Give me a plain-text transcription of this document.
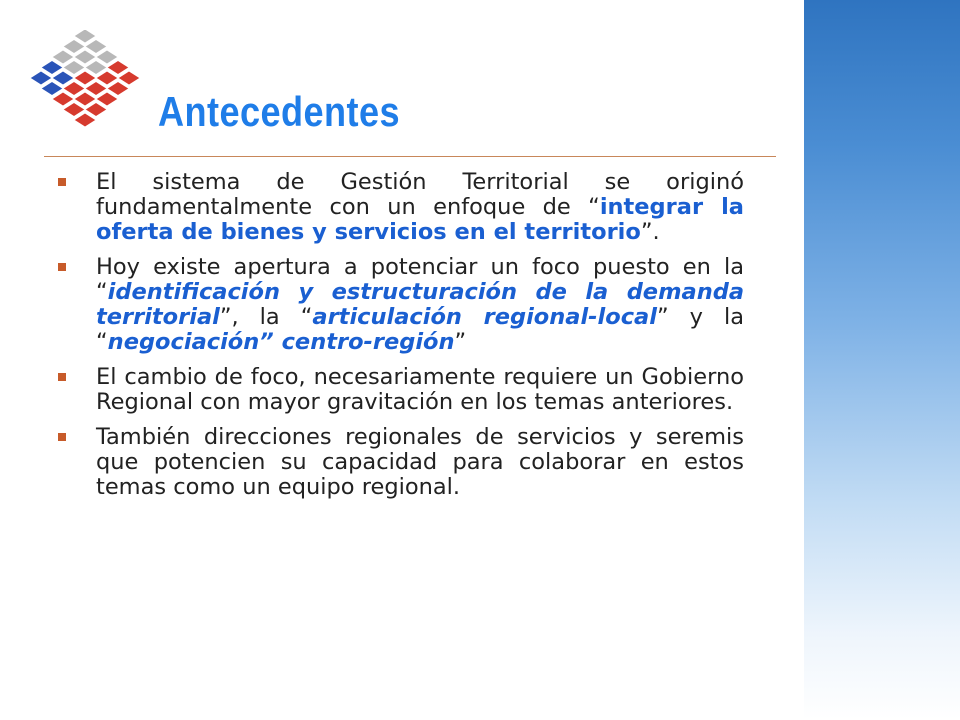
Antecedentes
El sistema de Gestión Territorial se originó fundamentalmente con un enfoque de “integrar la oferta de bienes y servicios en el territorio”.
Hoy existe apertura a potenciar un foco puesto en la “identificación y estructuración de la demanda territorial”, la “articulación regional-local” y la “negociación” centro-región”
El cambio de foco, necesariamente requiere un Gobierno Regional con mayor gravitación en los temas anteriores.
También direcciones regionales de servicios y seremis que potencien su capacidad para colaborar en estos temas como un equipo regional.
